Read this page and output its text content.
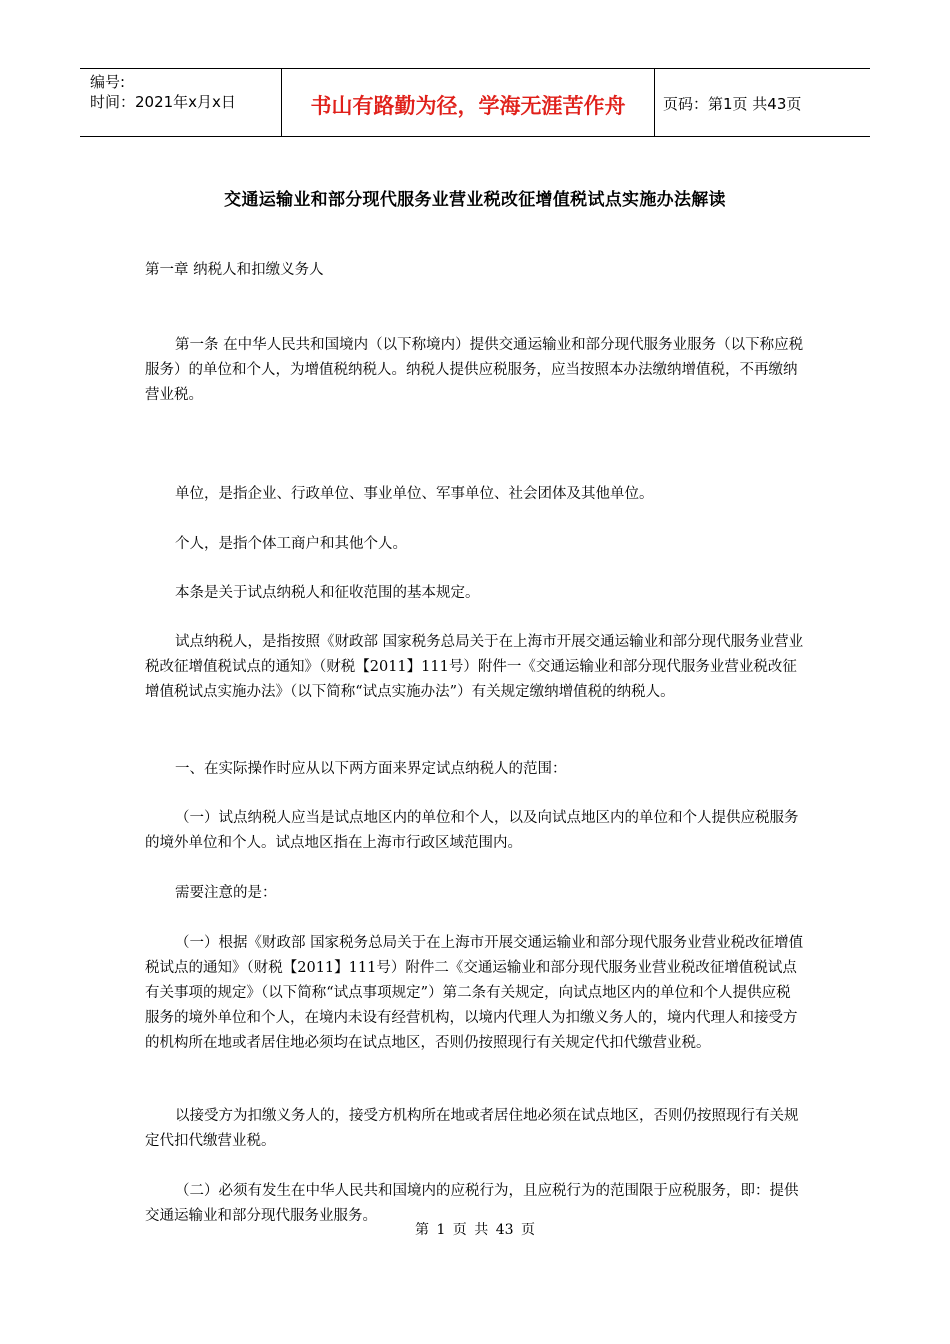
编号:
时间：2021年x月x日	书山有路勤为径，学海无涯苦作舟	页码：第1页 共43页
交通运输业和部分现代服务业营业税改征增值税试点实施办法解读

第一章 纳税人和扣缴义务人

第一条 在中华人民共和国境内（以下称境内）提供交通运输业和部分现代服务业服务（以下称应税服务）的单位和个人，为增值税纳税人。纳税人提供应税服务，应当按照本办法缴纳增值税，不再缴纳营业税。

单位，是指企业、行政单位、事业单位、军事单位、社会团体及其他单位。

个人，是指个体工商户和其他个人。

本条是关于试点纳税人和征收范围的基本规定。

试点纳税人，是指按照《财政部 国家税务总局关于在上海市开展交通运输业和部分现代服务业营业税改征增值税试点的通知》（财税【2011】111号）附件一《交通运输业和部分现代服务业营业税改征增值税试点实施办法》（以下简称“试点实施办法”）有关规定缴纳增值税的纳税人。

一、在实际操作时应从以下两方面来界定试点纳税人的范围：

（一）试点纳税人应当是试点地区内的单位和个人，以及向试点地区内的单位和个人提供应税服务的境外单位和个人。试点地区指在上海市行政区域范围内。

需要注意的是：

（一）根据《财政部 国家税务总局关于在上海市开展交通运输业和部分现代服务业营业税改征增值税试点的通知》（财税【2011】111号）附件二《交通运输业和部分现代服务业营业税改征增值税试点有关事项的规定》（以下简称“试点事项规定”）第二条有关规定，向试点地区内的单位和个人提供应税服务的境外单位和个人，在境内未设有经营机构，以境内代理人为扣缴义务人的，境内代理人和接受方的机构所在地或者居住地必须均在试点地区，否则仍按照现行有关规定代扣代缴营业税。

以接受方为扣缴义务人的，接受方机构所在地或者居住地必须在试点地区，否则仍按照现行有关规定代扣代缴营业税。

（二）必须有发生在中华人民共和国境内的应税行为，且应税行为的范围限于应税服务，即：提供交通运输业和部分现代服务业服务。

第 1 页 共 43 页
